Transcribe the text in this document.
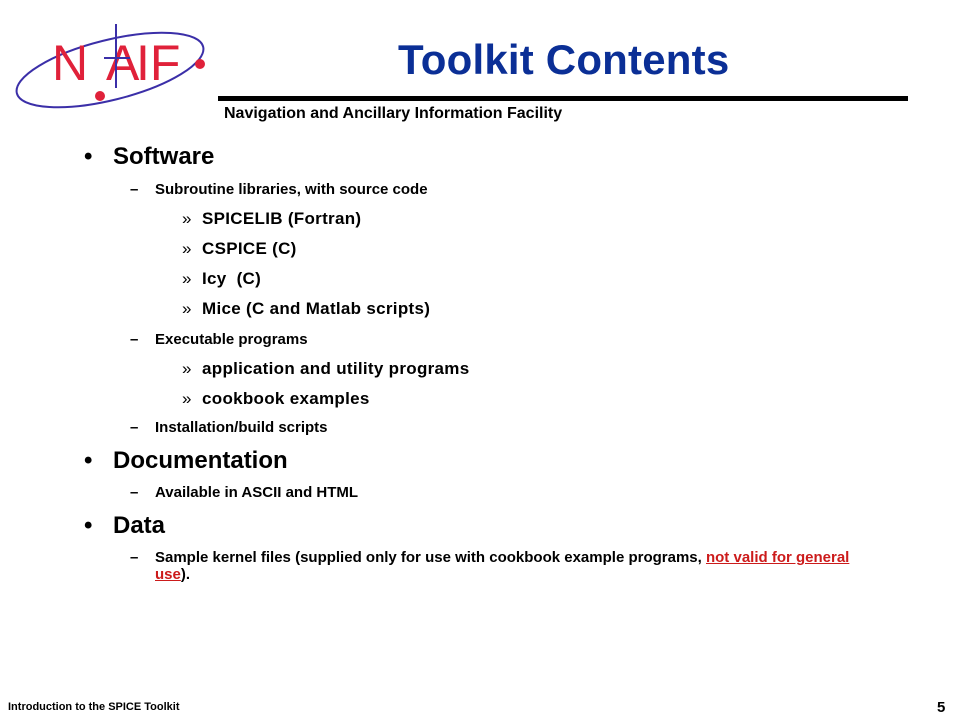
N A
IF	Toolkit Contents
Navigation and Ancillary Information Facility
• Software
–	Subroutine libraries, with source code
» SPICELIB (Fortran)
» CSPICE (C)
» Icy  (C)
» Mice (C and Matlab scripts)
–	Executable programs
» application and utility programs
» cookbook examples
–	Installation/build scripts
• Documentation
–	Available in ASCII and HTML
• Data
–	Sample kernel files (supplied only for use with cookbook example programs, not valid for general use).
Introduction to the SPICE Toolkit	5
